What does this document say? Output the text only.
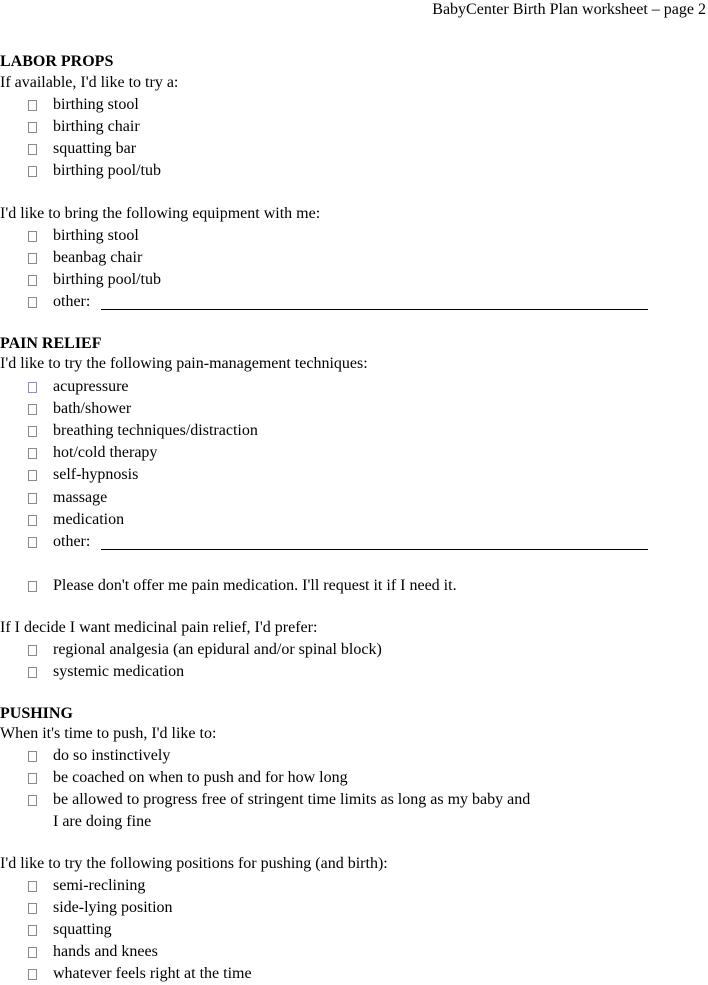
BabyCenter Birth Plan worksheet – page 2
LABOR PROPS
If available, I'd like to try a:
birthing stool
birthing chair
squatting bar
birthing pool/tub
I'd like to bring the following equipment with me:
birthing stool
beanbag chair
birthing pool/tub
other:
PAIN RELIEF
I'd like to try the following pain-management techniques:
acupressure
bath/shower
breathing techniques/distraction
hot/cold therapy
self-hypnosis
massage
medication
other:
Please don't offer me pain medication. I'll request it if I need it.
If I decide I want medicinal pain relief, I'd prefer:
regional analgesia (an epidural and/or spinal block)
systemic medication
PUSHING
When it's time to push, I'd like to:
do so instinctively
be coached on when to push and for how long
be allowed to progress free of stringent time limits as long as my baby and
I are doing fine
I'd like to try the following positions for pushing (and birth):
semi-reclining
side-lying position
squatting
hands and knees
whatever feels right at the time
